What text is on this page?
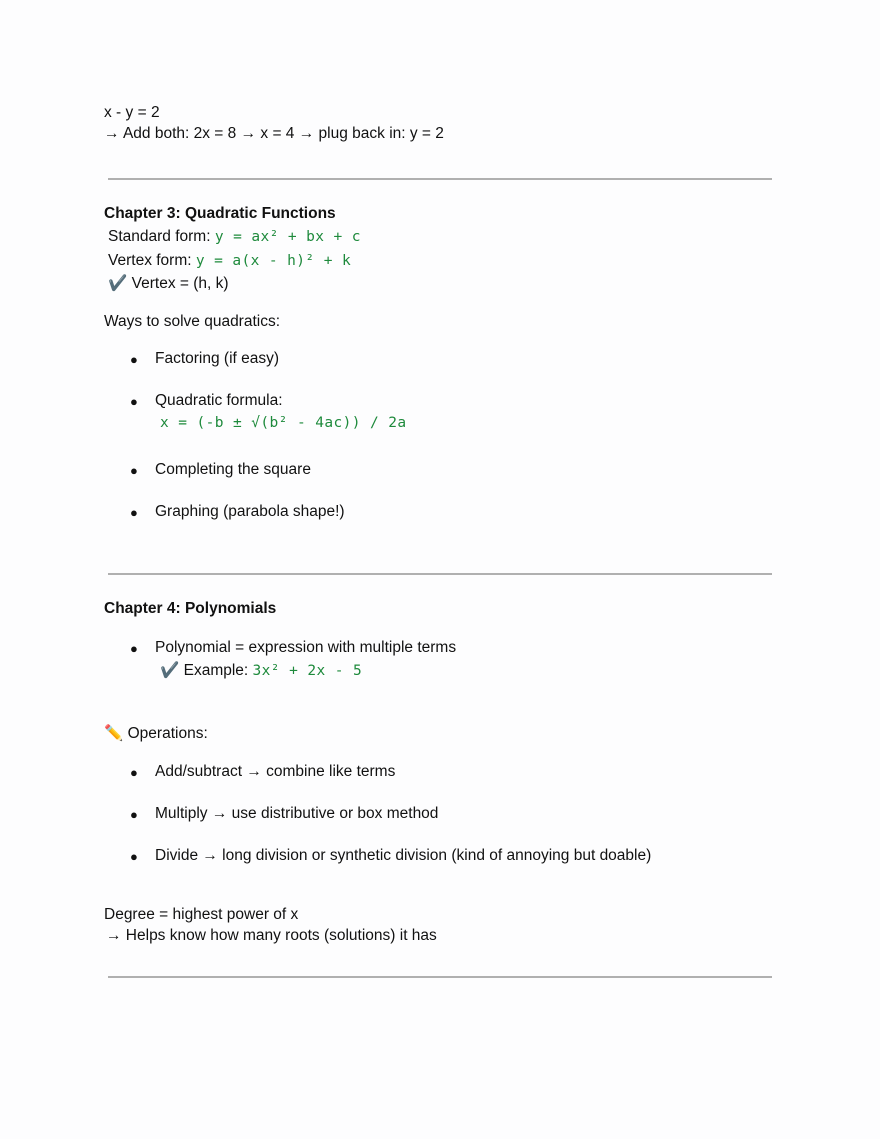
x - y = 2
→ Add both: 2x = 8 → x = 4 → plug back in: y = 2
Chapter 3: Quadratic Functions
Standard form: y = ax² + bx + c
Vertex form: y = a(x - h)² + k
✔️ Vertex = (h, k)
Ways to solve quadratics:
● Factoring (if easy)
● Quadratic formula:
x = (-b ± √(b² - 4ac)) / 2a
● Completing the square
● Graphing (parabola shape!)
Chapter 4: Polynomials
● Polynomial = expression with multiple terms
✔️ Example: 3x² + 2x - 5
✏️ Operations:
● Add/subtract → combine like terms
● Multiply → use distributive or box method
● Divide → long division or synthetic division (kind of annoying but doable)
Degree = highest power of x
→ Helps know how many roots (solutions) it has
